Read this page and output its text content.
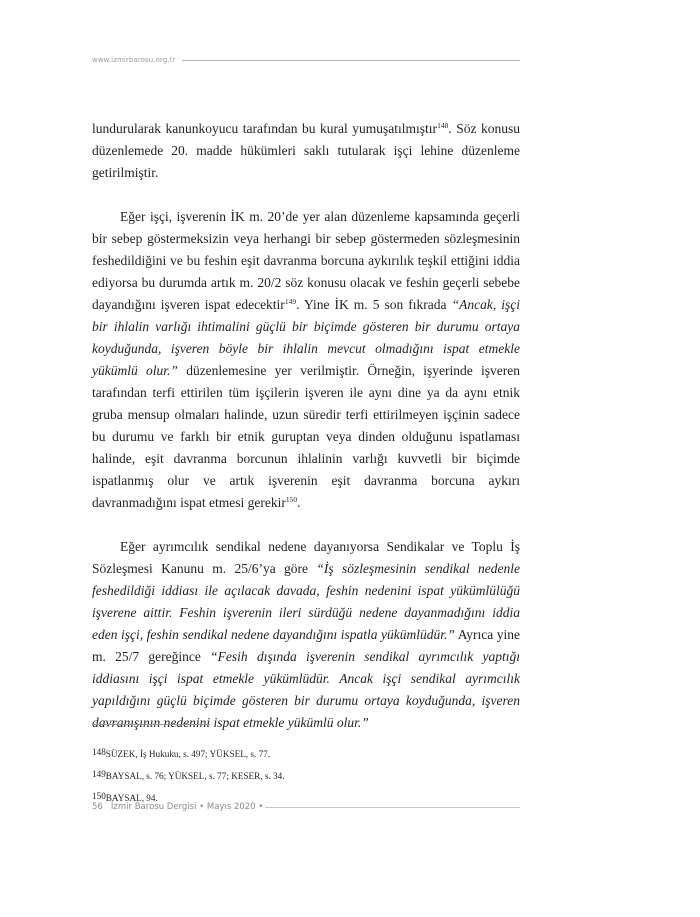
www.izmirbarosu.org.tr

lundurularak kanunkoyucu tarafından bu kural yumuşatılmıştır$^{148}$. Söz konusu düzenlemede 20. madde hükümleri saklı tutularak işçi lehine düzenleme getirilmiştir.

Eğer işçi, işverenin İK m. 20’de yer alan düzenleme kapsamında geçerli bir sebep göstermeksizin veya herhangi bir sebep göstermeden sözleşmesinin feshedildiğini ve bu feshin eşit davranma borcuna aykırılık teşkil ettiğini iddia ediyorsa bu durumda artık m. 20/2 söz konusu olacak ve feshin geçerli sebebe dayandığını işveren ispat edecektir$^{149}$. Yine İK m. 5 son fıkrada “Ancak, işçi bir ihlalin varlığı ihtimalini güçlü bir biçimde gösteren bir durumu ortaya koyduğunda, işveren böyle bir ihlalin mevcut olmadığını ispat etmekle yükümlü olur.” düzenlemesine yer verilmiştir. Örneğin, işyerinde işveren tarafından terfi ettirilen tüm işçilerin işveren ile aynı dine ya da aynı etnik gruba mensup olmaları halinde, uzun süredir terfi ettirilmeyen işçinin sadece bu durumu ve farklı bir etnik guruptan veya dinden olduğunu ispatlaması halinde, eşit davranma borcunun ihlalinin varlığı kuvvetli bir biçimde ispatlanmış olur ve artık işverenin eşit davranma borcuna aykırı davranmadığını ispat etmesi gerekir$^{150}$.

Eğer ayrımcılık sendikal nedene dayanıyorsa Sendikalar ve Toplu İş Sözleşmesi Kanunu m. 25/6’ya göre “İş sözleşmesinin sendikal nedenle feshedildiği iddiası ile açılacak davada, feshin nedenini ispat yükümlülüğü işverene aittir. Feshin işverenin ileri sürdüğü nedene dayanmadığını iddia eden işçi, feshin sendikal nedene dayandığını ispatla yükümlüdür.” Ayrıca yine m. 25/7 gereğince “Fesih dışında işverenin sendikal ayrımcılık yaptığı iddiasını işçi ispat etmekle yükümlüdür. Ancak işçi sendikal ayrımcılık yapıldığını güçlü biçimde gösteren bir durumu ortaya koyduğunda, işveren davranışının nedenini ispat etmekle yükümlü olur.”

148SÜZEK, İş Hukuku, s. 497; YÜKSEL, s. 77.
149BAYSAL, s. 76; YÜKSEL, s. 77; KESER, s. 34.
150BAYSAL, 94.
56   İzmir Barosu Dergisi • Mayıs 2020 •
